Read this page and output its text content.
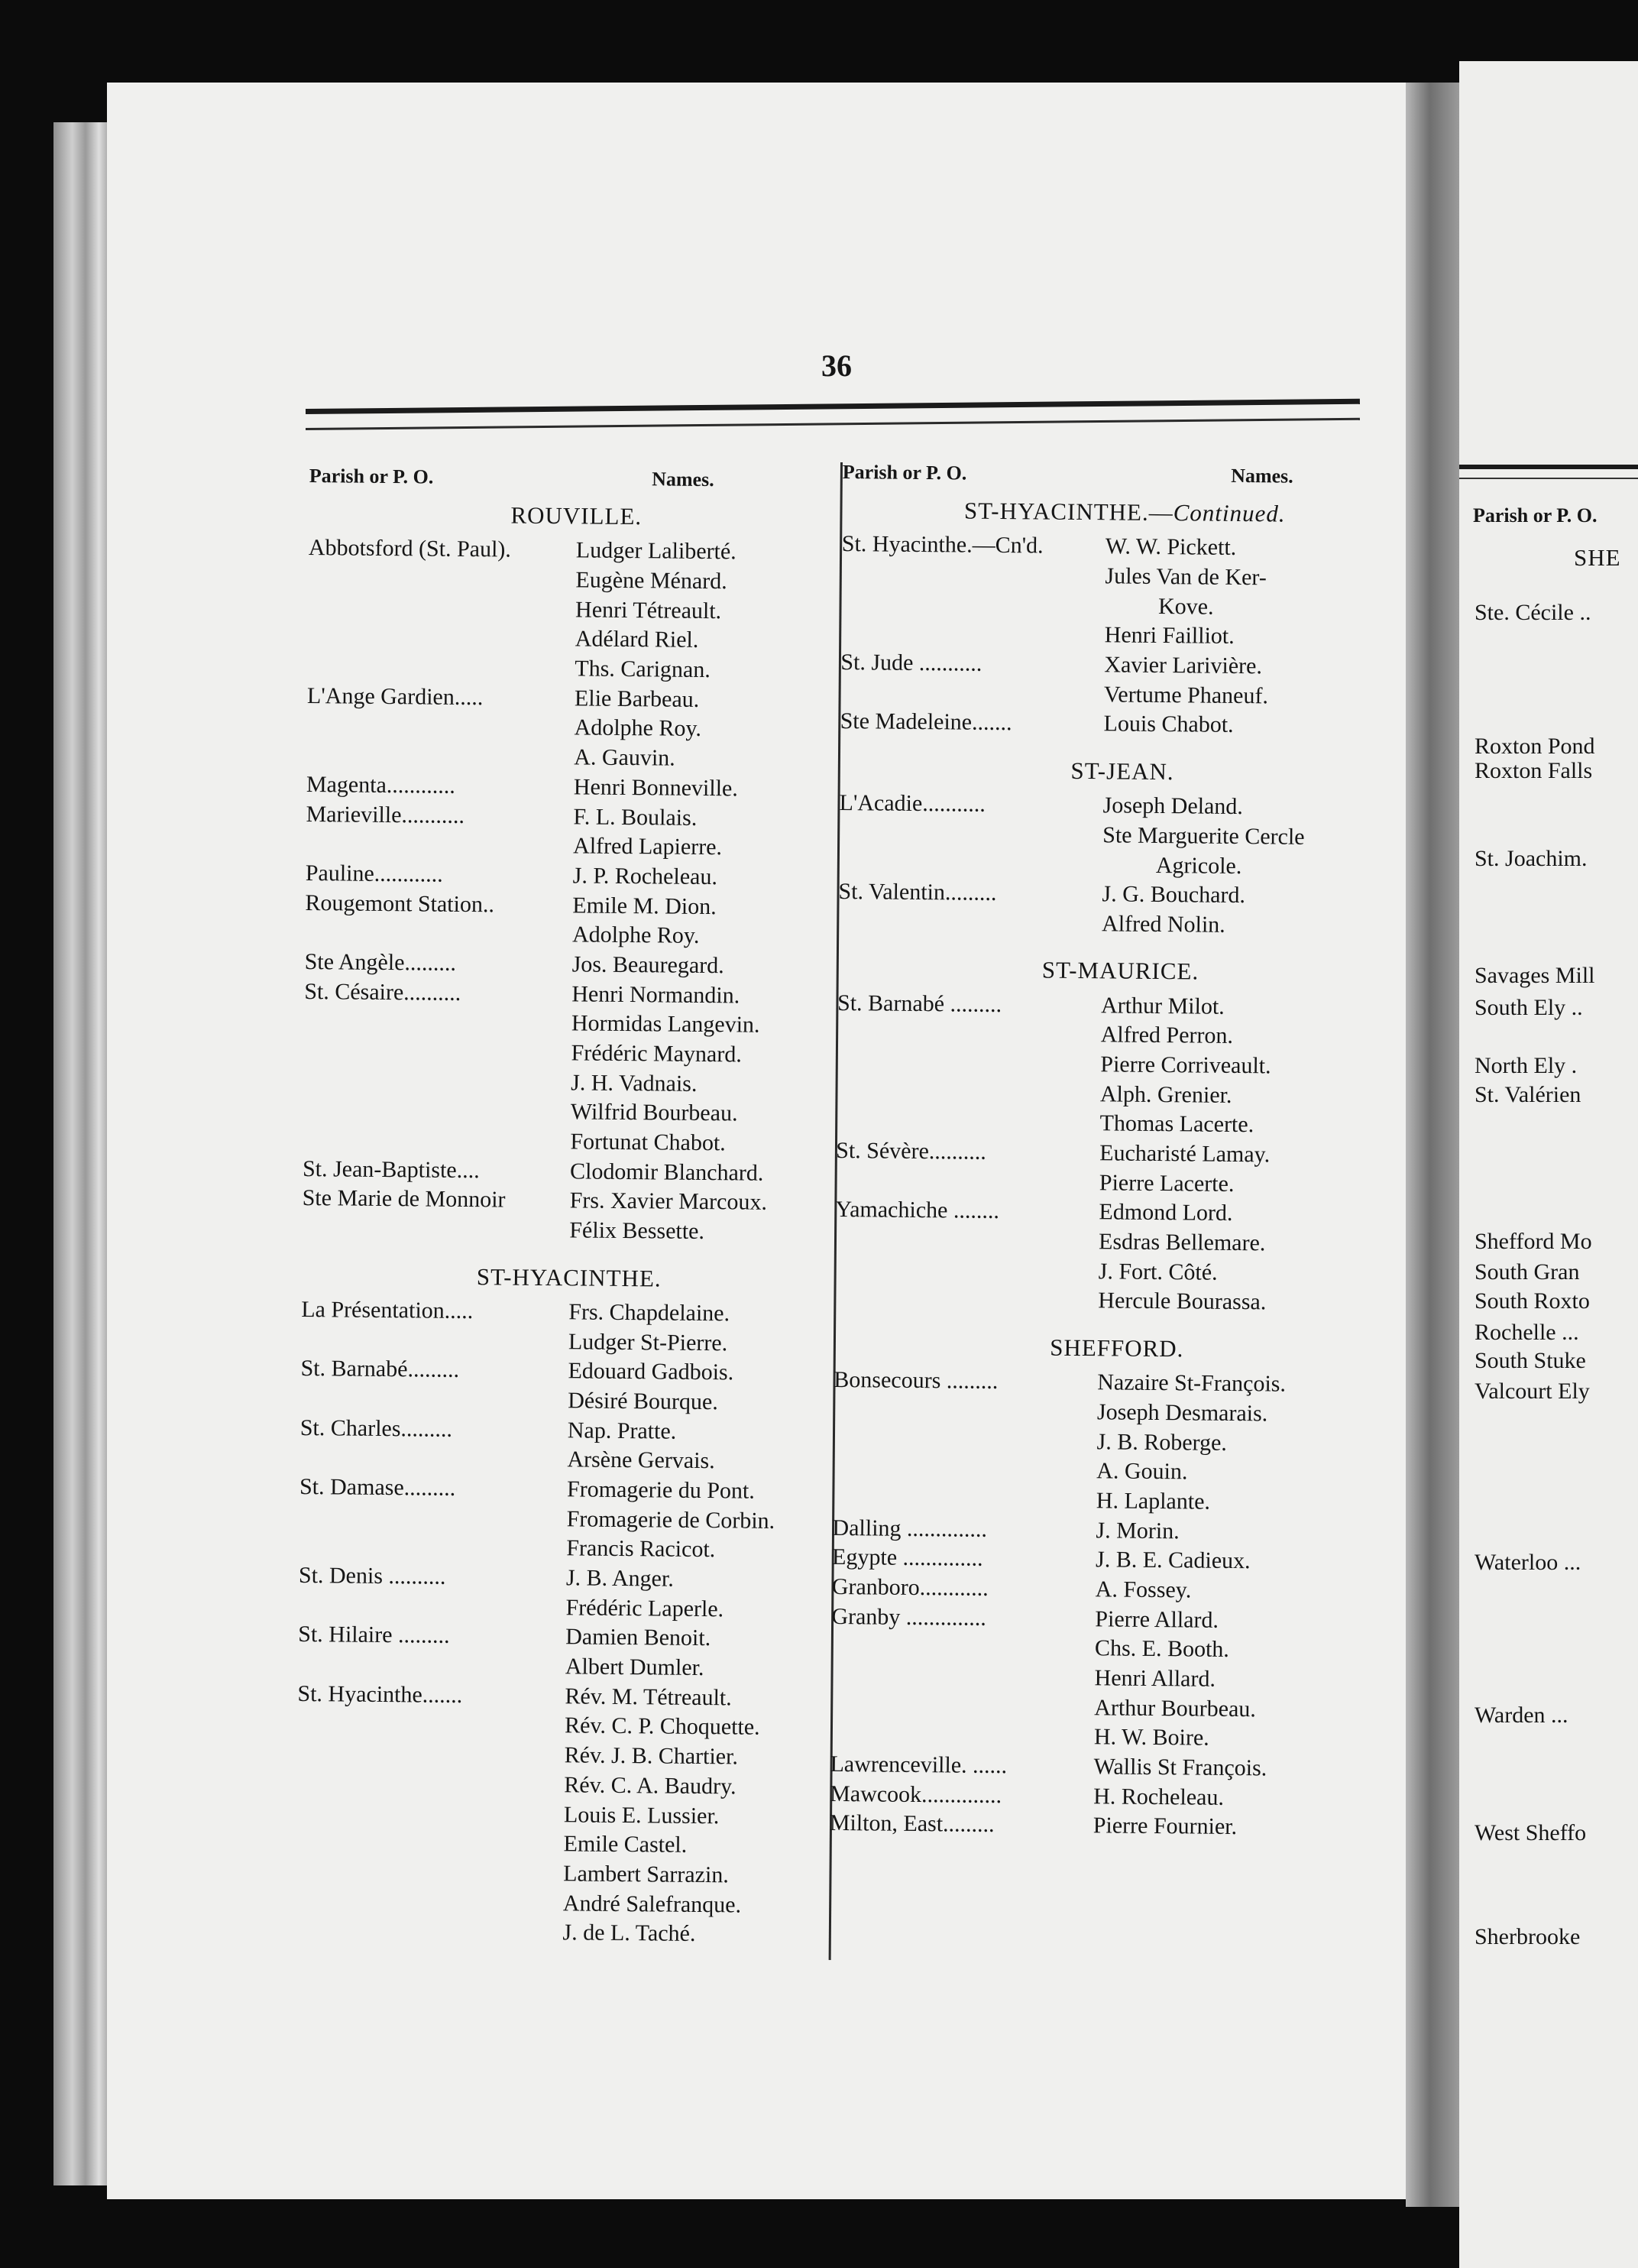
36
Parish or P. O.	Names.
ROUVILLE.
Abbotsford (St. Paul).	Ludger Laliberté.
Eugène Ménard.
Henri Tétreault.
Adélard Riel.
Ths. Carignan.
L'Ange Gardien.....	Elie Barbeau.
Adolphe Roy.
A. Gauvin.
Magenta............	Henri Bonneville.
Marieville...........	F. L. Boulais.
Alfred Lapierre.
Pauline............	J. P. Rocheleau.
Rougemont Station..	Emile M. Dion.
Adolphe Roy.
Ste Angèle.........	Jos. Beauregard.
St. Césaire..........	Henri Normandin.
Hormidas Langevin.
Frédéric Maynard.
J. H. Vadnais.
Wilfrid Bourbeau.
Fortunat Chabot.
St. Jean-Baptiste....	Clodomir Blanchard.
Ste Marie de Monnoir	Frs. Xavier Marcoux.
Félix Bessette.
ST-HYACINTHE.
La Présentation.....	Frs. Chapdelaine.
Ludger St-Pierre.
St. Barnabé.........	Edouard Gadbois.
Désiré Bourque.
St. Charles.........	Nap. Pratte.
Arsène Gervais.
St. Damase.........	Fromagerie du Pont.
Fromagerie de Corbin.
Francis Racicot.
St. Denis ..........	J. B. Anger.
Frédéric Laperle.
St. Hilaire .........	Damien Benoit.
Albert Dumler.
St. Hyacinthe.......	Rév. M. Tétreault.
Rév. C. P. Choquette.
Rév. J. B. Chartier.
Rév. C. A. Baudry.
Louis E. Lussier.
Emile Castel.
Lambert Sarrazin.
André Salefranque.
J. de L. Taché.
Parish or P. O.	Names.
ST-HYACINTHE.—Continued.
St. Hyacinthe.—Cn'd.	W. W. Pickett.
Jules Van de Ker-
Kove.
Henri Failliot.
St. Jude ...........	Xavier Larivière.
Vertume Phaneuf.
Ste Madeleine.......	Louis Chabot.
ST-JEAN.
L'Acadie...........	Joseph Deland.
Ste Marguerite Cercle
Agricole.
St. Valentin.........	J. G. Bouchard.
Alfred Nolin.
ST-MAURICE.
St. Barnabé .........	Arthur Milot.
Alfred Perron.
Pierre Corriveault.
Alph. Grenier.
Thomas Lacerte.
St. Sévère..........	Eucharisté Lamay.
Pierre Lacerte.
Yamachiche ........	Edmond Lord.
Esdras Bellemare.
J. Fort. Côté.
Hercule Bourassa.
SHEFFORD.
Bonsecours .........	Nazaire St-François.
Joseph Desmarais.
J. B. Roberge.
A. Gouin.
H. Laplante.
Dalling ..............	J. Morin.
Egypte ..............	J. B. E. Cadieux.
Granboro............	A. Fossey.
Granby ..............	Pierre Allard.
Chs. E. Booth.
Henri Allard.
Arthur Bourbeau.
H. W. Boire.
Lawrenceville. ......	Wallis St François.
Mawcook..............	H. Rocheleau.
Milton, East.........	Pierre Fournier.
Parish or P. O.
SHE
Ste. Cécile ..
Roxton Pond
Roxton Falls
St. Joachim.
Savages Mill
South Ely ..
North Ely .
St. Valérien
Shefford Mo
South Gran
South Roxto
Rochelle ...
South Stuke
Valcourt Ely
Waterloo ...
Warden ...
West Sheffo
Sherbrooke
